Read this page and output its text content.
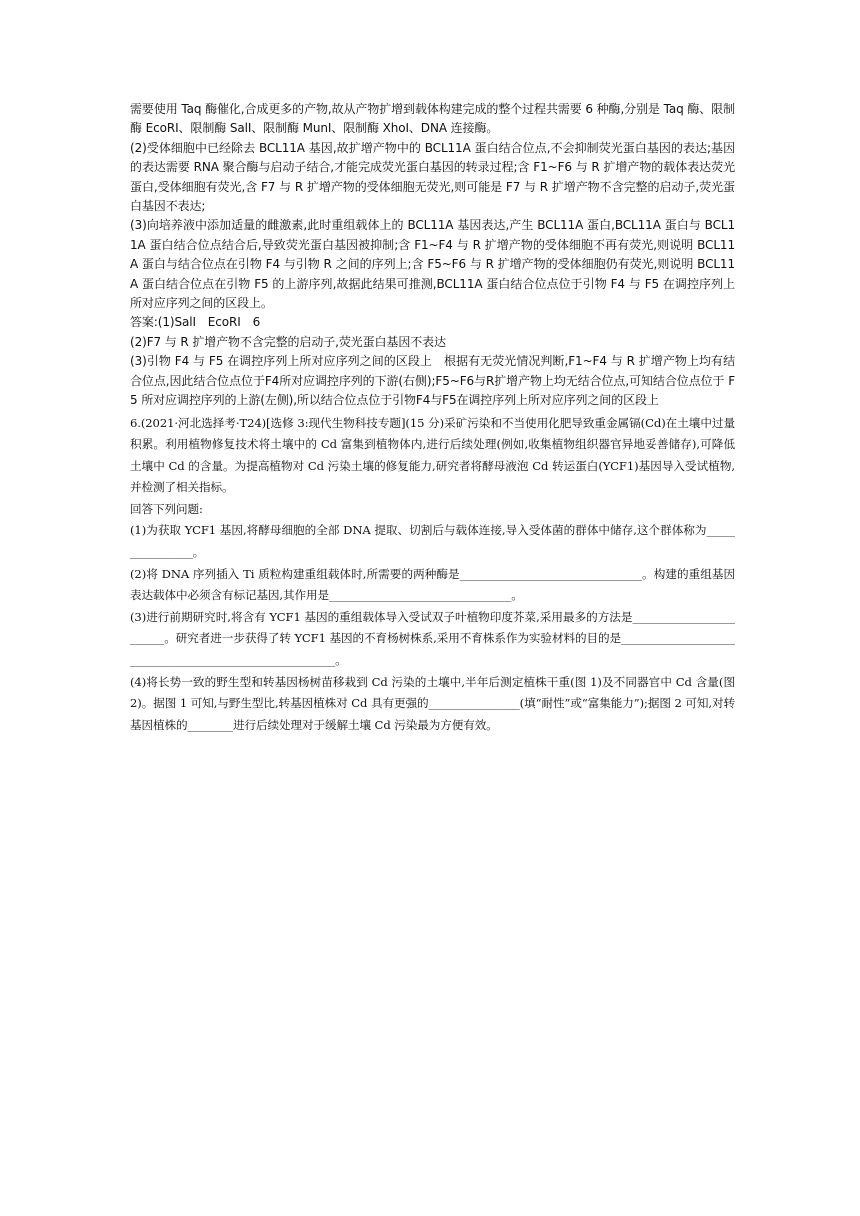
需要使用 Taq 酶催化,合成更多的产物,故从产物扩增到载体构建完成的整个过程共需要 6 种酶,分别是 Taq 酶、限制酶 EcoRⅠ、限制酶 SalⅠ、限制酶 MunⅠ、限制酶 XhoⅠ、DNA 连接酶。

(2)受体细胞中已经除去 BCL11A 基因,故扩增产物中的 BCL11A 蛋白结合位点,不会抑制荧光蛋白基因的表达;基因的表达需要 RNA 聚合酶与启动子结合,才能完成荧光蛋白基因的转录过程;含 F1~F6 与 R 扩增产物的载体表达荧光蛋白,受体细胞有荧光,含 F7 与 R 扩增产物的受体细胞无荧光,则可能是 F7 与 R 扩增产物不含完整的启动子,荧光蛋白基因不表达;

(3)向培养液中添加适量的雌激素,此时重组载体上的 BCL11A 基因表达,产生 BCL11A 蛋白,BCL11A 蛋白与 BCL11A 蛋白结合位点结合后,导致荧光蛋白基因被抑制;含 F1~F4 与 R 扩增产物的受体细胞不再有荧光,则说明 BCL11A 蛋白与结合位点在引物 F4 与引物 R 之间的序列上;含 F5~F6 与 R 扩增产物的受体细胞仍有荧光,则说明 BCL11A 蛋白结合位点在引物 F5 的上游序列,故据此结果可推测,BCL11A 蛋白结合位点位于引物 F4 与 F5 在调控序列上所对应序列之间的区段上。

答案:(1)SalⅠ　EcoRⅠ　6

(2)F7 与 R 扩增产物不含完整的启动子,荧光蛋白基因不表达

(3)引物 F4 与 F5 在调控序列上所对应序列之间的区段上　根据有无荧光情况判断,F1~F4 与 R 扩增产物上均有结合位点,因此结合位点位于F4所对应调控序列的下游(右侧);F5~F6与R扩增产物上均无结合位点,可知结合位点位于 F5 所对应调控序列的上游(左侧),所以结合位点位于引物F4与F5在调控序列上所对应序列之间的区段上

6.(2021·河北选择考·T24)[选修 3:现代生物科技专题](15 分)采矿污染和不当使用化肥导致重金属镉(Cd)在土壤中过量积累。利用植物修复技术将土壤中的 Cd 富集到植物体内,进行后续处理(例如,收集植物组织器官异地妥善储存),可降低土壤中 Cd 的含量。为提高植物对 Cd 污染土壤的修复能力,研究者将酵母液泡 Cd 转运蛋白(YCF1)基因导入受试植物,并检测了相关指标。

回答下列问题:

(1)为获取 YCF1 基因,将酵母细胞的全部 DNA 提取、切割后与载体连接,导入受体菌的群体中储存,这个群体称为________________。

(2)将 DNA 序列插入 Ti 质粒构建重组载体时,所需要的两种酶是________________________________。构建的重组基因表达载体中必须含有标记基因,其作用是________________________________。

(3)进行前期研究时,将含有 YCF1 基因的重组载体导入受试双子叶植物印度芥菜,采用最多的方法是________________________。研究者进一步获得了转 YCF1 基因的不育杨树株系,采用不育株系作为实验材料的目的是________________________________________________________。

(4)将长势一致的野生型和转基因杨树苗移栽到 Cd 污染的土壤中,半年后测定植株干重(图 1)及不同器官中 Cd 含量(图 2)。据图 1 可知,与野生型比,转基因植株对 Cd 具有更强的________________(填“耐性”或“富集能力”);据图 2 可知,对转基因植株的________进行后续处理对于缓解土壤 Cd 污染最为方便有效。
